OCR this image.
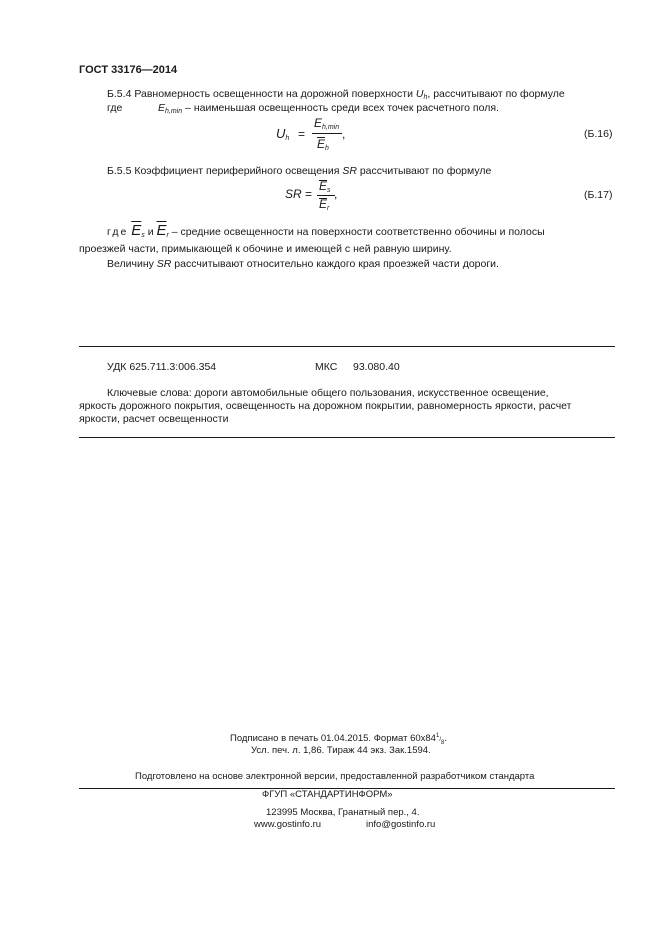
ГОСТ 33176—2014
Б.5.4 Равномерность освещенности на дорожной поверхности $U_h$, рассчитывают по формуле
где	$E_{h,min}$ – наименьшая освещенность среди всех точек расчетного поля.
$U_h$ =
$E_{h,min}$
$E_h$
,	(Б.16)
Б.5.5 Коэффициент периферийного освещения SR рассчитывают по формуле
SR =
$E_s$
$E_r$
,	(Б.17)
где $\overline{E}_s$ и $\overline{E}_r$ – средние освещенности на поверхности соответственно обочины и полосы
проезжей части, примыкающей к обочине и имеющей с ней равную ширину.
Величину SR рассчитывают относительно каждого края проезжей части дороги.
УДК 625.711.3:006.354	МКС 93.080.40
Ключевые слова: дороги автомобильные общего пользования, искусственное освещение,
яркость дорожного покрытия, освещенность на дорожном покрытии, равномерность яркости, расчет
яркости, расчет освещенности
Подписано в печать 01.04.2015. Формат $60х84^1/_8$.
Усл. печ. л. 1,86. Тираж 44 экз. Зак.1594.
Подготовлено на основе электронной версии, предоставленной разработчиком стандарта
ФГУП «СТАНДАРТИНФОРМ»
123995 Москва, Гранатный пер., 4.
www.gostinfo.ru	info@gostinfo.ru
